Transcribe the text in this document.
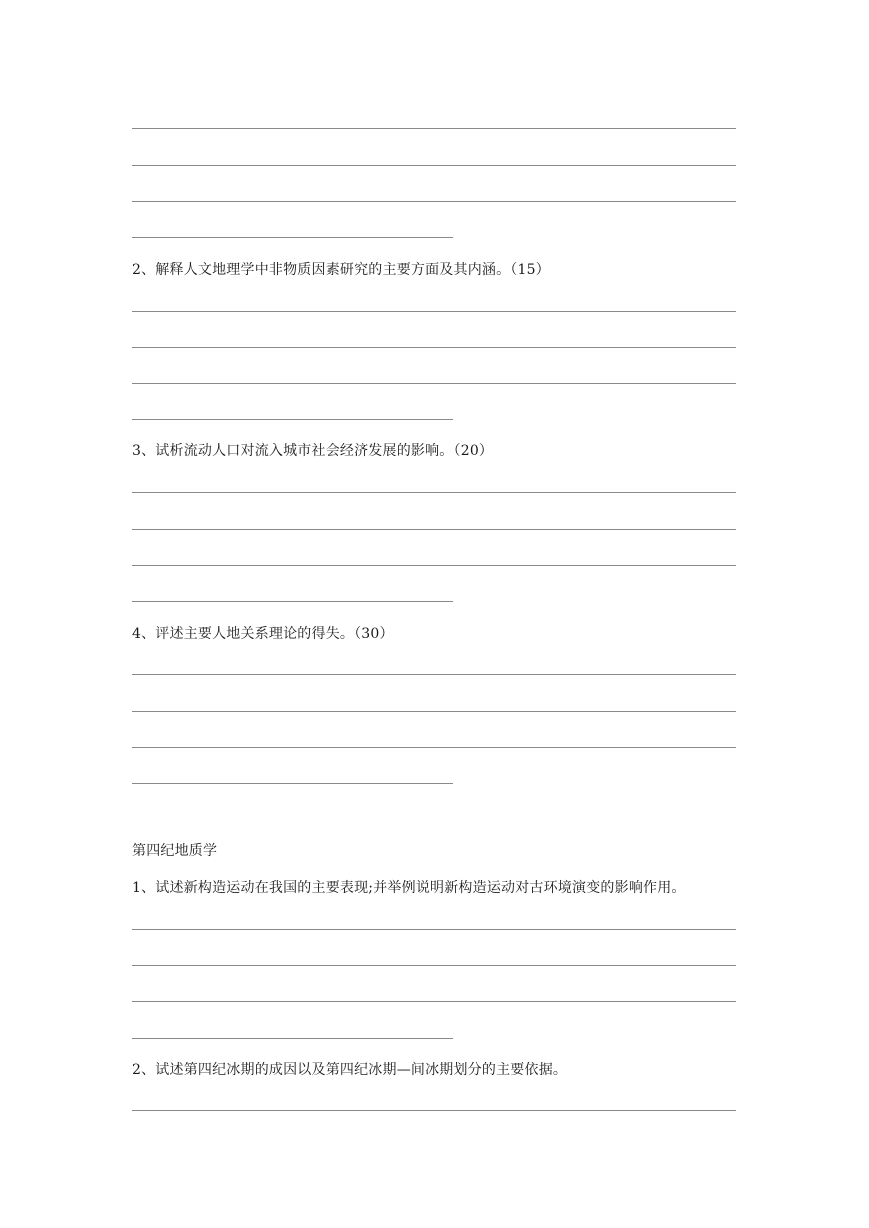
2、解释人文地理学中非物质因素研究的主要方面及其内涵。（15）
3、试析流动人口对流入城市社会经济发展的影响。（20）
4、评述主要人地关系理论的得失。（30）
第四纪地质学
1、试述新构造运动在我国的主要表现;并举例说明新构造运动对古环境演变的影响作用。
2、试述第四纪冰期的成因以及第四纪冰期—间冰期划分的主要依据。
